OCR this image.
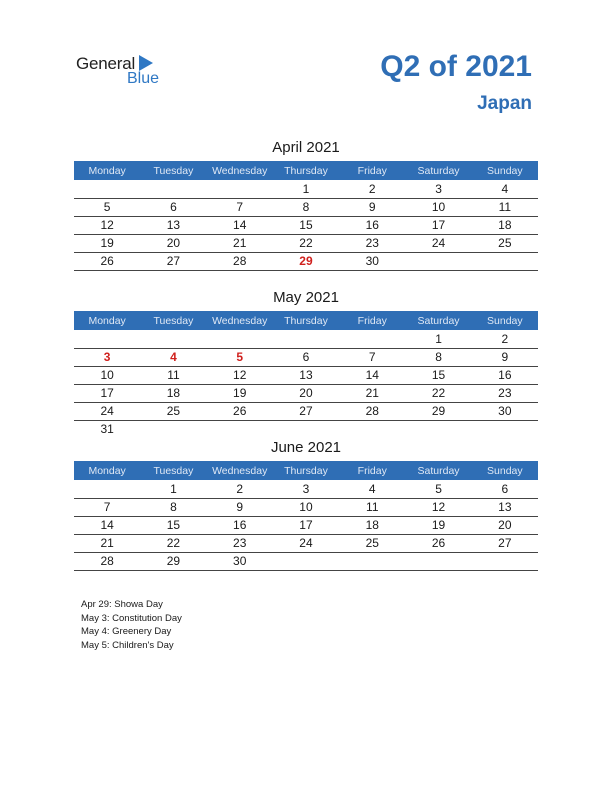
General
Blue	Q2 of 2021
Japan
April 2021
Monday	Tuesday	Wednesday	Thursday	Friday	Saturday	Sunday
			1	2	3	4
5	6	7	8	9	10	11
12	13	14	15	16	17	18
19	20	21	22	23	24	25
26	27	28	29	30		
May 2021
Monday	Tuesday	Wednesday	Thursday	Friday	Saturday	Sunday
					1	2
3	4	5	6	7	8	9
10	11	12	13	14	15	16
17	18	19	20	21	22	23
24	25	26	27	28	29	30
31						
June 2021
Monday	Tuesday	Wednesday	Thursday	Friday	Saturday	Sunday
	1	2	3	4	5	6
7	8	9	10	11	12	13
14	15	16	17	18	19	20
21	22	23	24	25	26	27
28	29	30				
Apr 29: Showa Day
May 3: Constitution Day
May 4: Greenery Day
May 5: Children's Day
